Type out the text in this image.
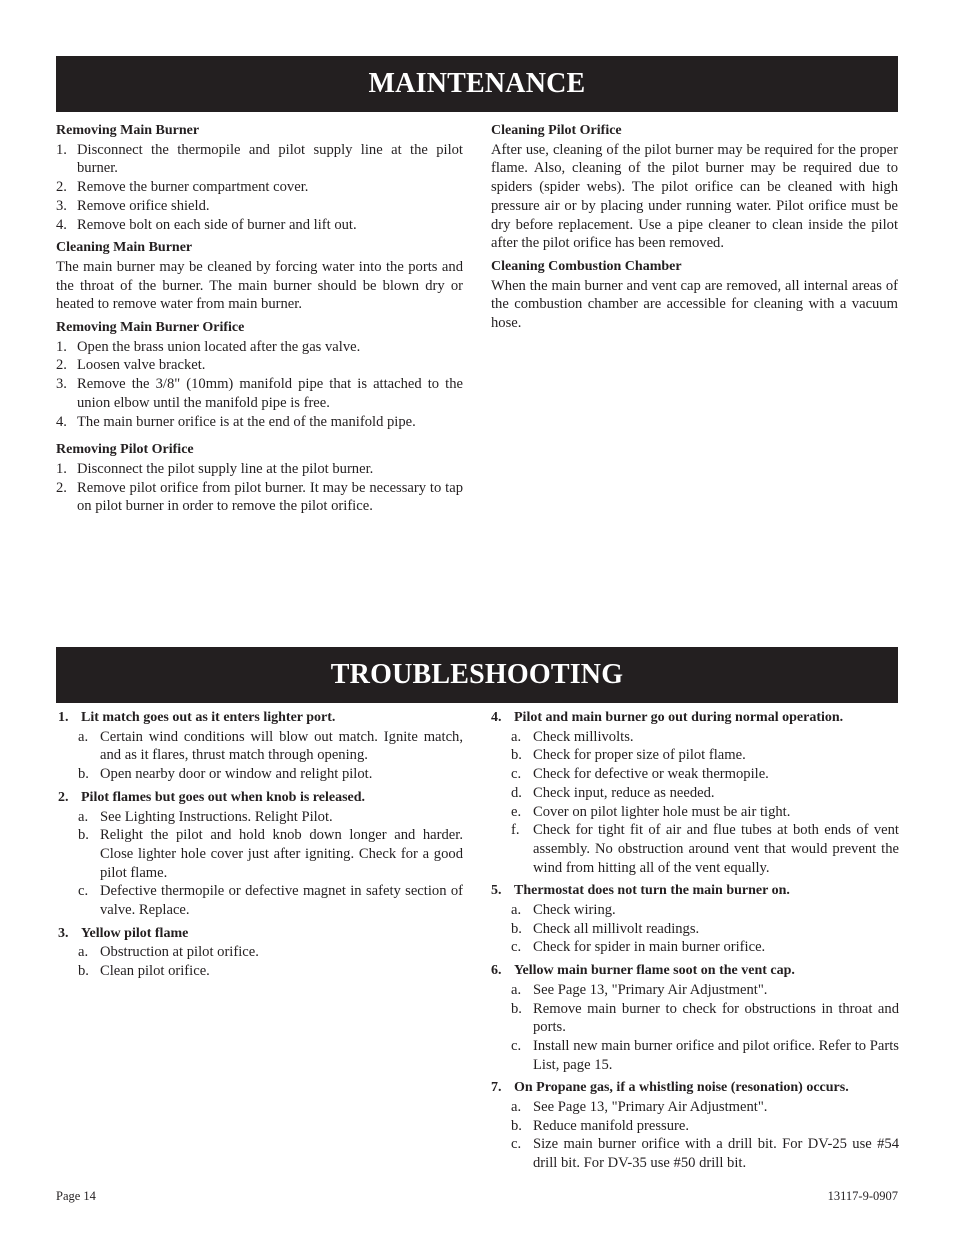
MAINTENANCE
Removing Main Burner
1. Disconnect the thermopile and pilot supply line at the pilot burner.
2. Remove the burner compartment cover.
3. Remove orifice shield.
4. Remove bolt on each side of burner and lift out.
Cleaning Main Burner
The main burner may be cleaned by forcing water into the ports and the throat of the burner. The main burner should be blown dry or heated to remove water from main burner.
Removing Main Burner Orifice
1. Open the brass union located after the gas valve.
2. Loosen valve bracket.
3. Remove the 3/8" (10mm) manifold pipe that is attached to the union elbow until the manifold pipe is free.
4. The main burner orifice is at the end of the manifold pipe.
Removing Pilot Orifice
1. Disconnect the pilot supply line at the pilot burner.
2. Remove pilot orifice from pilot burner. It may be necessary to tap on pilot burner in order to remove the pilot orifice.
Cleaning Pilot Orifice
After use, cleaning of the pilot burner may be required for the proper flame. Also, cleaning of the pilot burner may be required due to spiders (spider webs). The pilot orifice can be cleaned with high pressure air or by placing under running water. Pilot orifice must be dry before replacement. Use a pipe cleaner to clean inside the pilot after the pilot orifice has been removed.
Cleaning Combustion Chamber
When the main burner and vent cap are removed, all internal areas of the combustion chamber are accessible for cleaning with a vacuum hose.
TROUBLESHOOTING
1. Lit match goes out as it enters lighter port.
a. Certain wind conditions will blow out match. Ignite match, and as it flares, thrust match through opening.
b. Open nearby door or window and relight pilot.
2. Pilot flames but goes out when knob is released.
a. See Lighting Instructions. Relight Pilot.
b. Relight the pilot and hold knob down longer and harder. Close lighter hole cover just after igniting. Check for a good pilot flame.
c. Defective thermopile or defective magnet in safety section of valve. Replace.
3. Yellow pilot flame
a. Obstruction at pilot orifice.
b. Clean pilot orifice.
4. Pilot and main burner go out during normal operation.
a. Check millivolts.
b. Check for proper size of pilot flame.
c. Check for defective or weak thermopile.
d. Check input, reduce as needed.
e. Cover on pilot lighter hole must be air tight.
f. Check for tight fit of air and flue tubes at both ends of vent assembly. No obstruction around vent that would prevent the wind from hitting all of the vent equally.
5. Thermostat does not turn the main burner on.
a. Check wiring.
b. Check all millivolt readings.
c. Check for spider in main burner orifice.
6. Yellow main burner flame soot on the vent cap.
a. See Page 13, "Primary Air Adjustment".
b. Remove main burner to check for obstructions in throat and ports.
c. Install new main burner orifice and pilot orifice. Refer to Parts List, page 15.
7. On Propane gas, if a whistling noise (resonation) occurs.
a. See Page 13, "Primary Air Adjustment".
b. Reduce manifold pressure.
c. Size main burner orifice with a drill bit. For DV-25 use #54 drill bit. For DV-35 use #50 drill bit.
Page 14	13117-9-0907
